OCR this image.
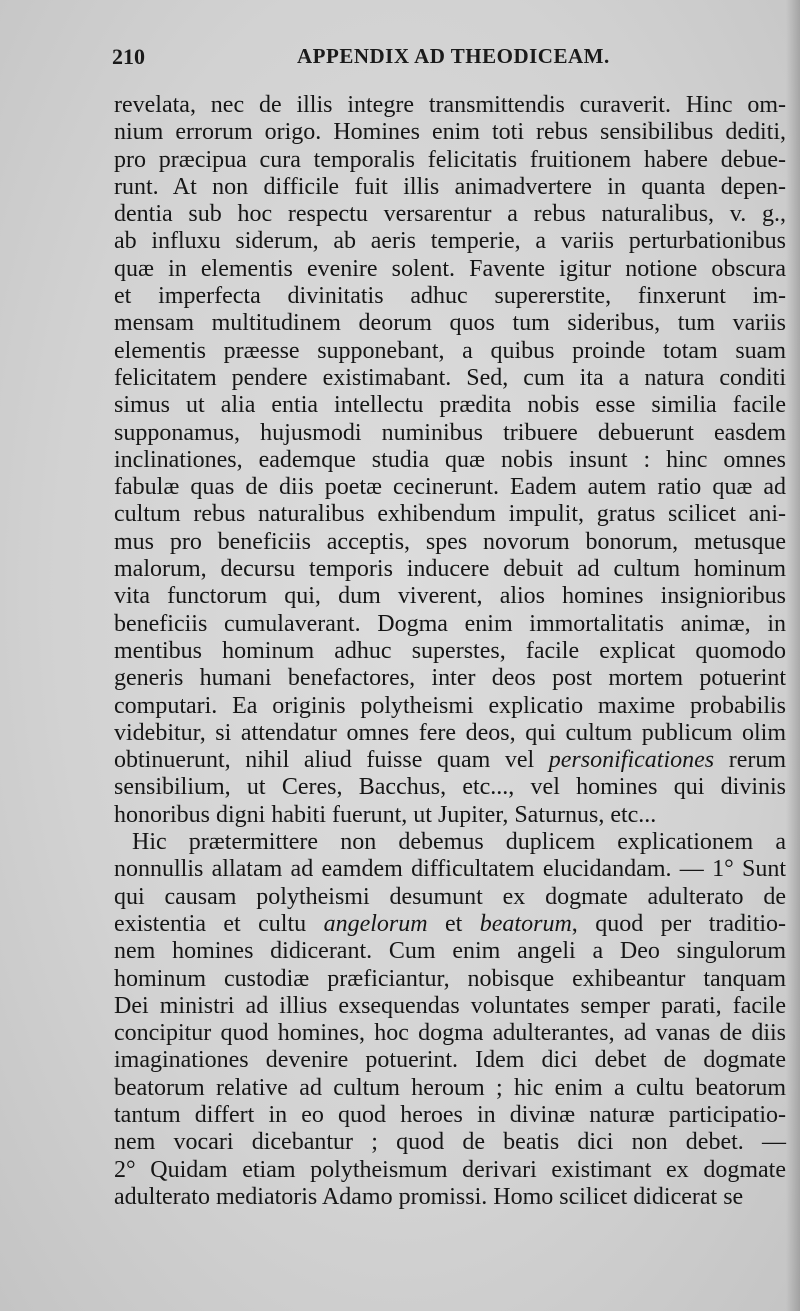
210	APPENDIX AD THEODICEAM.
revelata, nec de illis integre transmittendis curaverit. Hinc om-
nium errorum origo. Homines enim toti rebus sensibilibus dediti,
pro præcipua cura temporalis felicitatis fruitionem habere debue-
runt. At non difficile fuit illis animadvertere in quanta depen-
dentia sub hoc respectu versarentur a rebus naturalibus, v. g.,
ab influxu siderum, ab aeris temperie, a variis perturbationibus
quæ in elementis evenire solent. Favente igitur notione obscura
et imperfecta divinitatis adhuc supererstite, finxerunt im-
mensam multitudinem deorum quos tum sideribus, tum variis
elementis præesse supponebant, a quibus proinde totam suam
felicitatem pendere existimabant. Sed, cum ita a natura conditi
simus ut alia entia intellectu prædita nobis esse similia facile
supponamus, hujusmodi numinibus tribuere debuerunt easdem
inclinationes, eademque studia quæ nobis insunt : hinc omnes
fabulæ quas de diis poetæ cecinerunt. Eadem autem ratio quæ ad
cultum rebus naturalibus exhibendum impulit, gratus scilicet ani-
mus pro beneficiis acceptis, spes novorum bonorum, metusque
malorum, decursu temporis inducere debuit ad cultum hominum
vita functorum qui, dum viverent, alios homines insignioribus
beneficiis cumulaverant. Dogma enim immortalitatis animæ, in
mentibus hominum adhuc superstes, facile explicat quomodo
generis humani benefactores, inter deos post mortem potuerint
computari. Ea originis polytheismi explicatio maxime probabilis
videbitur, si attendatur omnes fere deos, qui cultum publicum olim
obtinuerunt, nihil aliud fuisse quam vel personificationes rerum
sensibilium, ut Ceres, Bacchus, etc..., vel homines qui divinis
honoribus digni habiti fuerunt, ut Jupiter, Saturnus, etc...
Hic prætermittere non debemus duplicem explicationem a
nonnullis allatam ad eamdem difficultatem elucidandam. — 1° Sunt
qui causam polytheismi desumunt ex dogmate adulterato de
existentia et cultu angelorum et beatorum, quod per traditio-
nem homines didicerant. Cum enim angeli a Deo singulorum
hominum custodiæ præficiantur, nobisque exhibeantur tanquam
Dei ministri ad illius exsequendas voluntates semper parati, facile
concipitur quod homines, hoc dogma adulterantes, ad vanas de diis
imaginationes devenire potuerint. Idem dici debet de dogmate
beatorum relative ad cultum heroum ; hic enim a cultu beatorum
tantum differt in eo quod heroes in divinæ naturæ participatio-
nem vocari dicebantur ; quod de beatis dici non debet. —
2° Quidam etiam polytheismum derivari existimant ex dogmate
adulterato mediatoris Adamo promissi. Homo scilicet didicerat se
